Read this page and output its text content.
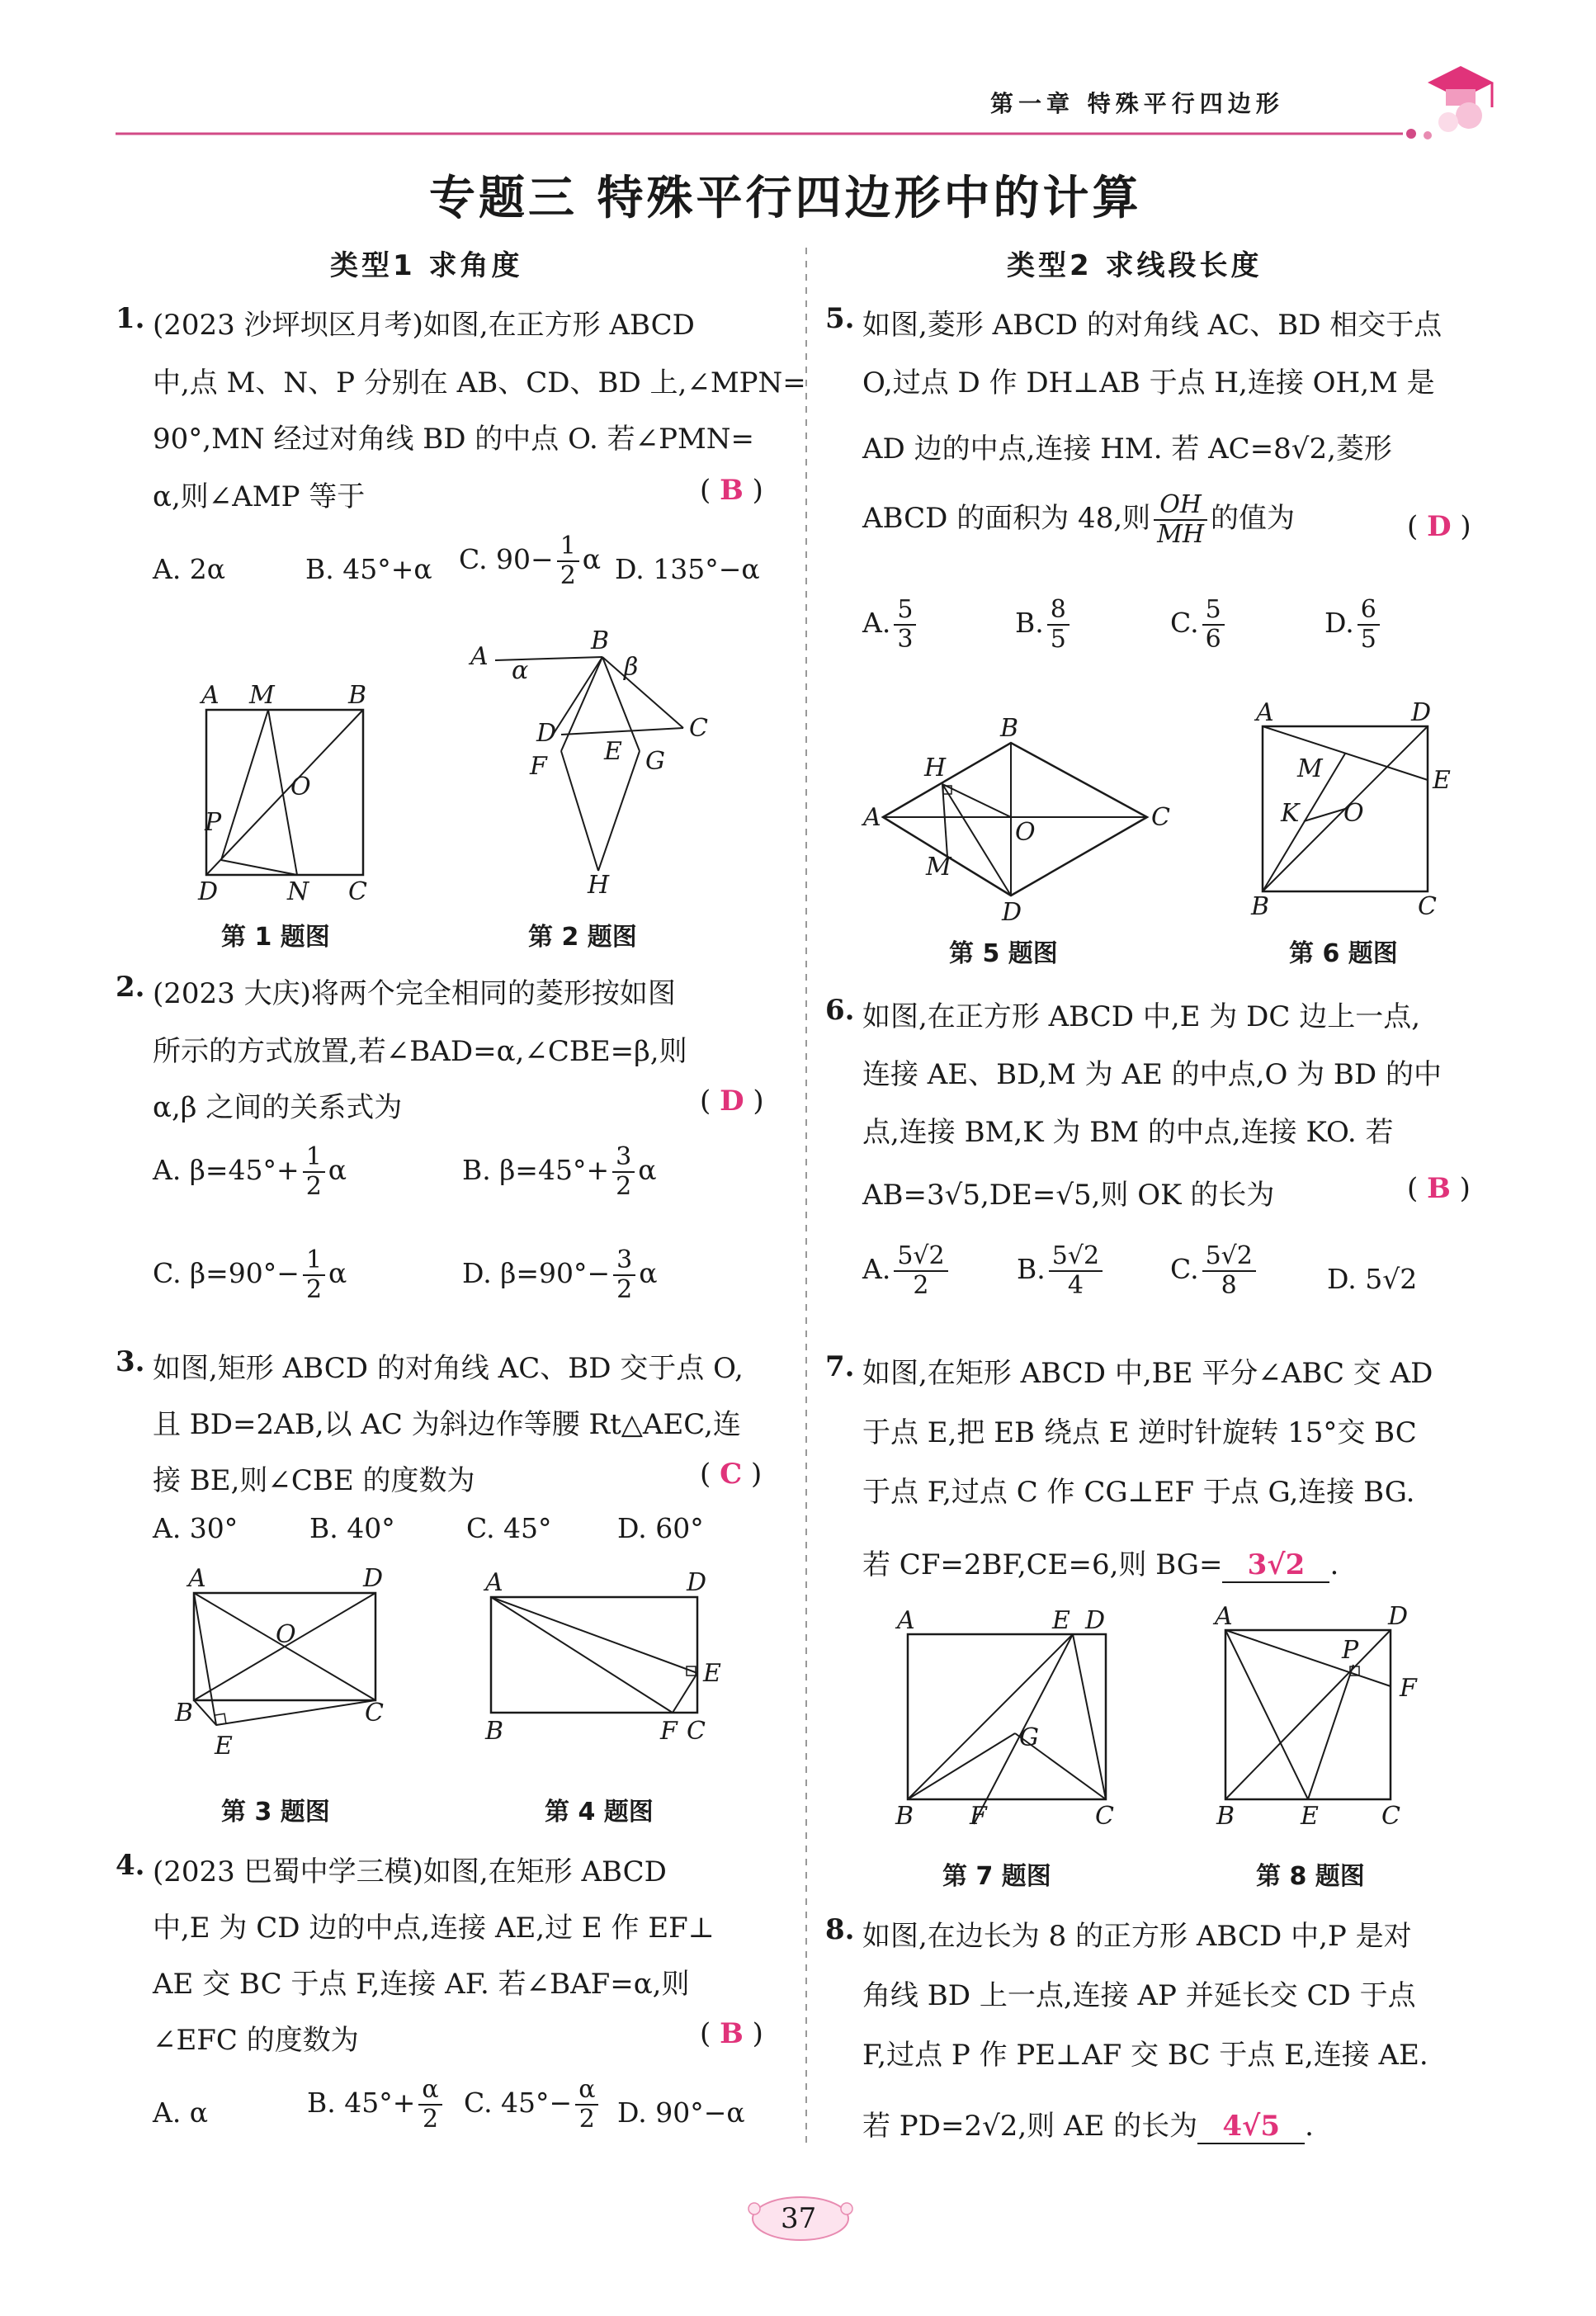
第一章 特殊平行四边形
专题三 特殊平行四边形中的计算
类型1 求角度	类型2 求线段长度
1. (2023 沙坪坝区月考)如图,在正方形 ABCD
中,点 M、N、P 分别在 AB、CD、BD 上,∠MPN=
90°,MN 经过对角线 BD 的中点 O. 若∠PMN=
α,则∠AMP 等于	( B )
A. 2α	B. 45°+α C. $90- \frac{1}{2}$ α D. 135°−α
A M	B
O
P
D	N C
第 1 题图
A α
B
β
C
D
E
F	G
H
第 2 题图
2. (2023 大庆)将两个完全相同的菱形按如图
所示的方式放置,若∠BAD=α,∠CBE=β,则
α,β 之间的关系式为	( D )
A. $\beta=45^\circ+ \frac{1}{2}$ α	B. $\beta=45^\circ+ \frac{3}{2}$ α
C. $\beta=90^\circ- \frac{1}{2}$ α	D. $\beta=90^\circ- \frac{3}{2}$ α
3. 如图,矩形 ABCD 的对角线 AC、BD 交于点 O,
且 BD=2AB,以 AC 为斜边作等腰 Rt△AEC,连
接 BE,则∠CBE 的度数为	( C )
A. 30°	B. 40°	C. 45° D. 60°
A	D
O
B	C
E
第 3 题图
A	D
E
B	F C
第 4 题图
4. (2023 巴蜀中学三模)如图,在矩形 ABCD
中,E 为 CD 边的中点,连接 AE,过 E 作 EF⊥
AE 交 BC 于点 F,连接 AF. 若∠BAF=α,则
∠EFC 的度数为	( B )
A. α	B. $45^\circ+ \frac{\alpha}{2} C$. $45^\circ- \frac{\alpha}{2} D$. 90°−α
5. 如图,菱形 ABCD 的对角线 AC、BD 相交于点
O,过点 D 作 DH⊥AB 于点 H,连接 OH,M 是
AD 边的中点,连接 HM. 若 AC=8√2,菱形
ABCD 的面积为 48,则 $\frac{OH}{MH}$ 的值为	( D )
A. $\frac{5}{3}$	B. $\frac{8}{5}$	C. $\frac{5}{6}$	D. $\frac{6}{5}$
A
B
C
D
H
O
M
第 5 题图
A	D
E
M
K O
B	C
第 6 题图
6. 如图,在正方形 ABCD 中,E 为 DC 边上一点,
连接 AE、BD,M 为 AE 的中点,O 为 BD 的中
点,连接 BM,K 为 BM 的中点,连接 KO. 若
AB=3√5,DE=√5,则 OK 的长为	( B )
A. $\frac{5√2}{2}$	B. $\frac{5√2}{4} C$. $\frac{5√2}{8}$	D. 5√2
7. 如图,在矩形 ABCD 中,BE 平分∠ABC 交 AD
于点 E,把 EB 绕点 E 逆时针旋转 15°交 BC
于点 F,过点 C 作 CG⊥EF 于点 G,连接 BG.
若 CF=2BF,CE=6,则 BG= 3√2 .
A	E D
G
B F	C
第 7 题图
A	D
P
F
B	E	C
第 8 题图
8. 如图,在边长为 8 的正方形 ABCD 中,P 是对
角线 BD 上一点,连接 AP 并延长交 CD 于点
F,过点 P 作 PE⊥AF 交 BC 于点 E,连接 AE.
若 PD=2√2,则 AE 的长为 4√5 .
37
